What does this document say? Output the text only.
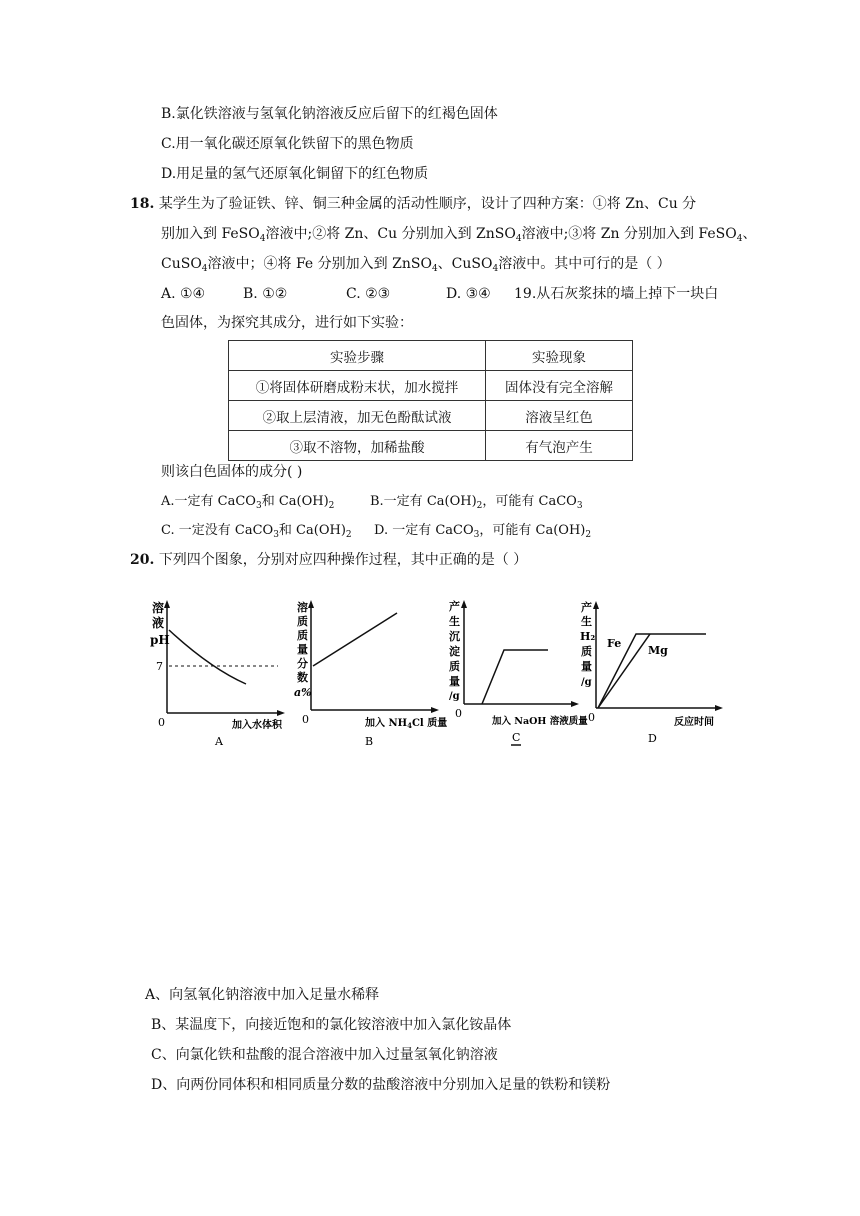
B.氯化铁溶液与氢氧化钠溶液反应后留下的红褐色固体
C.用一氧化碳还原氧化铁留下的黑色物质
D.用足量的氢气还原氧化铜留下的红色物质
18. 某学生为了验证铁、锌、铜三种金属的活动性顺序，设计了四种方案：①将 Zn、Cu 分
别加入到 FeSO$_4$溶液中;②将 Zn、Cu 分别加入到 ZnSO$_4$溶液中;③将 Zn 分别加入到 FeSO$_4$、
CuSO$_4$溶液中；④将 Fe 分别加入到 ZnSO$_4$、CuSO$_4$溶液中。其中可行的是（ ）
A. ①④	B. ①②	C. ②③	D. ③④ 19.从石灰浆抹的墙上掉下一块白
色固体，为探究其成分，进行如下实验：
实验步骤	实验现象
①将固体研磨成粉末状，加水搅拌	固体没有完全溶解
②取上层清液，加无色酚酞试液	溶液呈红色
③取不溶物，加稀盐酸	有气泡产生
则该白色固体的成分( )
A.一定有 CaCO$_3$和 $Ca(OH)_2$	B.一定有 $Ca(OH)_2$，可能有 CaCO$_3$
C. 一定没有 CaCO$_3$和 $Ca(OH)_2$ D. 一定有 CaCO$_3$，可能有 $Ca(OH)_2$
20. 下列四个图象，分别对应四种操作过程，其中正确的是（ ）
溶
液
pH
7
0	加入水体积
A
溶
质
质
量
分
数
a%
0	加入 $NH_4Cl$ 质量
B
产
生
沉
淀
质
量
/g
0
加入 NaOH 溶液质量
C
产
生
H₂
质
量
/g
Fe
Mg
0	反应时间
D
A、向氢氧化钠溶液中加入足量水稀释
B、某温度下，向接近饱和的氯化铵溶液中加入氯化铵晶体
C、向氯化铁和盐酸的混合溶液中加入过量氢氧化钠溶液
D、向两份同体积和相同质量分数的盐酸溶液中分别加入足量的铁粉和镁粉
